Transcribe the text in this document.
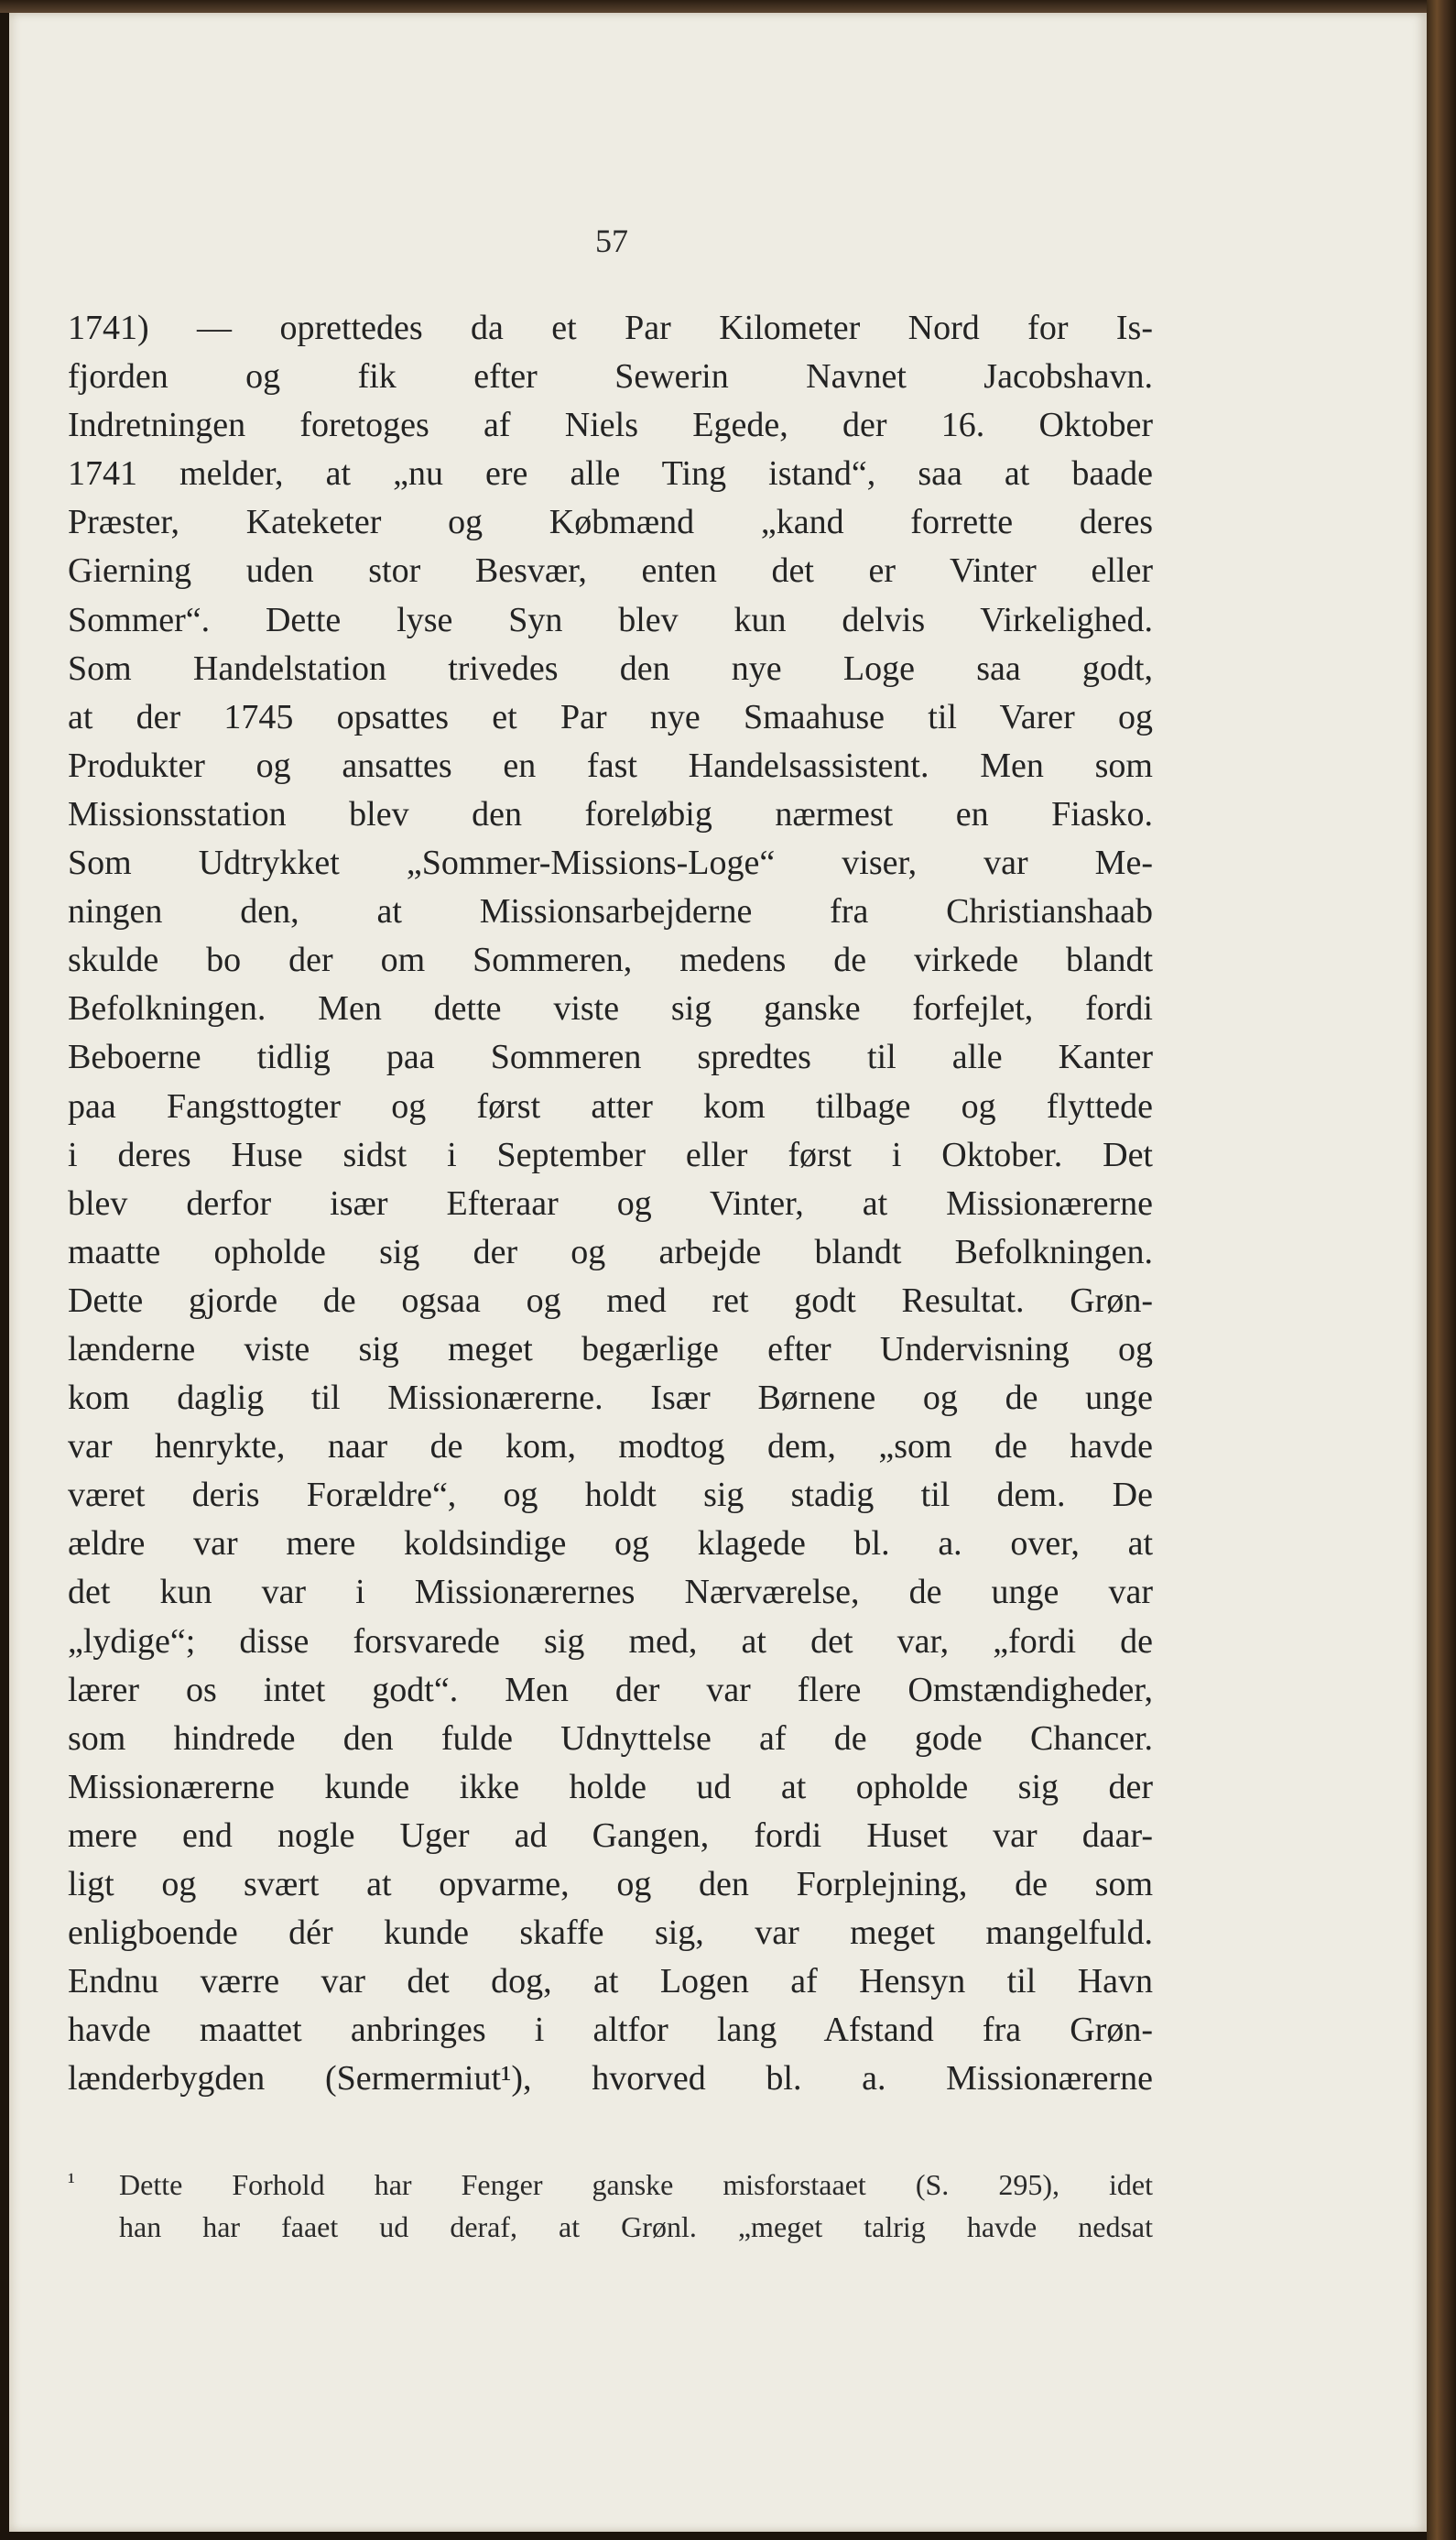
57
1741) — oprettedes da et Par Kilometer Nord for Is-
fjorden og fik efter Sewerin Navnet Jacobshavn.
Indretningen foretoges af Niels Egede, der 16. Oktober
1741 melder, at „nu ere alle Ting istand“, saa at baade
Præster, Kateketer og Købmænd „kand forrette deres
Gierning uden stor Besvær, enten det er Vinter eller
Sommer“. Dette lyse Syn blev kun delvis Virkelighed.
Som Handelstation trivedes den nye Loge saa godt,
at der 1745 opsattes et Par nye Smaahuse til Varer og
Produkter og ansattes en fast Handelsassistent. Men som
Missionsstation blev den foreløbig nærmest en Fiasko.
Som Udtrykket „Sommer-Missions-Loge“ viser, var Me-
ningen den, at Missionsarbejderne fra Christianshaab
skulde bo der om Sommeren, medens de virkede blandt
Befolkningen. Men dette viste sig ganske forfejlet, fordi
Beboerne tidlig paa Sommeren spredtes til alle Kanter
paa Fangsttogter og først atter kom tilbage og flyttede
i deres Huse sidst i September eller først i Oktober. Det
blev derfor især Efteraar og Vinter, at Missionærerne
maatte opholde sig der og arbejde blandt Befolkningen.
Dette gjorde de ogsaa og med ret godt Resultat. Grøn-
lænderne viste sig meget begærlige efter Undervisning og
kom daglig til Missionærerne. Især Børnene og de unge
var henrykte, naar de kom, modtog dem, „som de havde
været deris Forældre“, og holdt sig stadig til dem. De
ældre var mere koldsindige og klagede bl. a. over, at
det kun var i Missionærernes Nærværelse, de unge var
„lydige“; disse forsvarede sig med, at det var, „fordi de
lærer os intet godt“. Men der var flere Omstændigheder,
som hindrede den fulde Udnyttelse af de gode Chancer.
Missionærerne kunde ikke holde ud at opholde sig der
mere end nogle Uger ad Gangen, fordi Huset var daar-
ligt og svært at opvarme, og den Forplejning, de som
enligboende dér kunde skaffe sig, var meget mangelfuld.
Endnu værre var det dog, at Logen af Hensyn til Havn
havde maattet anbringes i altfor lang Afstand fra Grøn-
lænderbygden (Sermermiut¹), hvorved bl. a. Missionærerne
¹ Dette Forhold har Fenger ganske misforstaaet (S. 295), idet
han har faaet ud deraf, at Grønl. „meget talrig havde nedsat
